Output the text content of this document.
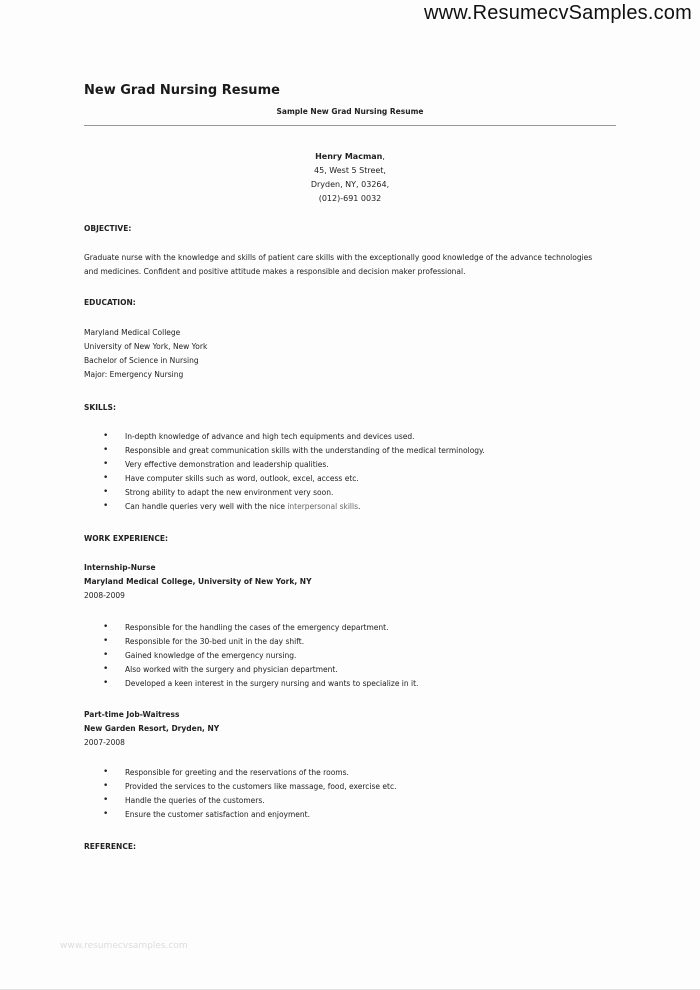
www.ResumecvSamples.com
New Grad Nursing Resume
Sample New Grad Nursing Resume
Henry Macman,
45, West 5 Street,
Dryden, NY, 03264,
(012)-691 0032
OBJECTIVE:
Graduate nurse with the knowledge and skills of patient care skills with the exceptionally good knowledge of the advance technologies
and medicines. Confident and positive attitude makes a responsible and decision maker professional.
EDUCATION:
Maryland Medical College
University of New York, New York
Bachelor of Science in Nursing
Major: Emergency Nursing
SKILLS:
• In-depth knowledge of advance and high tech equipments and devices used.
• Responsible and great communication skills with the understanding of the medical terminology.
• Very effective demonstration and leadership qualities.
• Have computer skills such as word, outlook, excel, access etc.
• Strong ability to adapt the new environment very soon.
• Can handle queries very well with the nice interpersonal skills.
WORK EXPERIENCE:
Internship-Nurse
Maryland Medical College, University of New York, NY
2008-2009
• Responsible for the handling the cases of the emergency department.
• Responsible for the 30-bed unit in the day shift.
• Gained knowledge of the emergency nursing.
• Also worked with the surgery and physician department.
• Developed a keen interest in the surgery nursing and wants to specialize in it.
Part-time Job-Waitress
New Garden Resort, Dryden, NY
2007-2008
• Responsible for greeting and the reservations of the rooms.
• Provided the services to the customers like massage, food, exercise etc.
• Handle the queries of the customers.
• Ensure the customer satisfaction and enjoyment.
REFERENCE:
www.resumecvsamples.com
